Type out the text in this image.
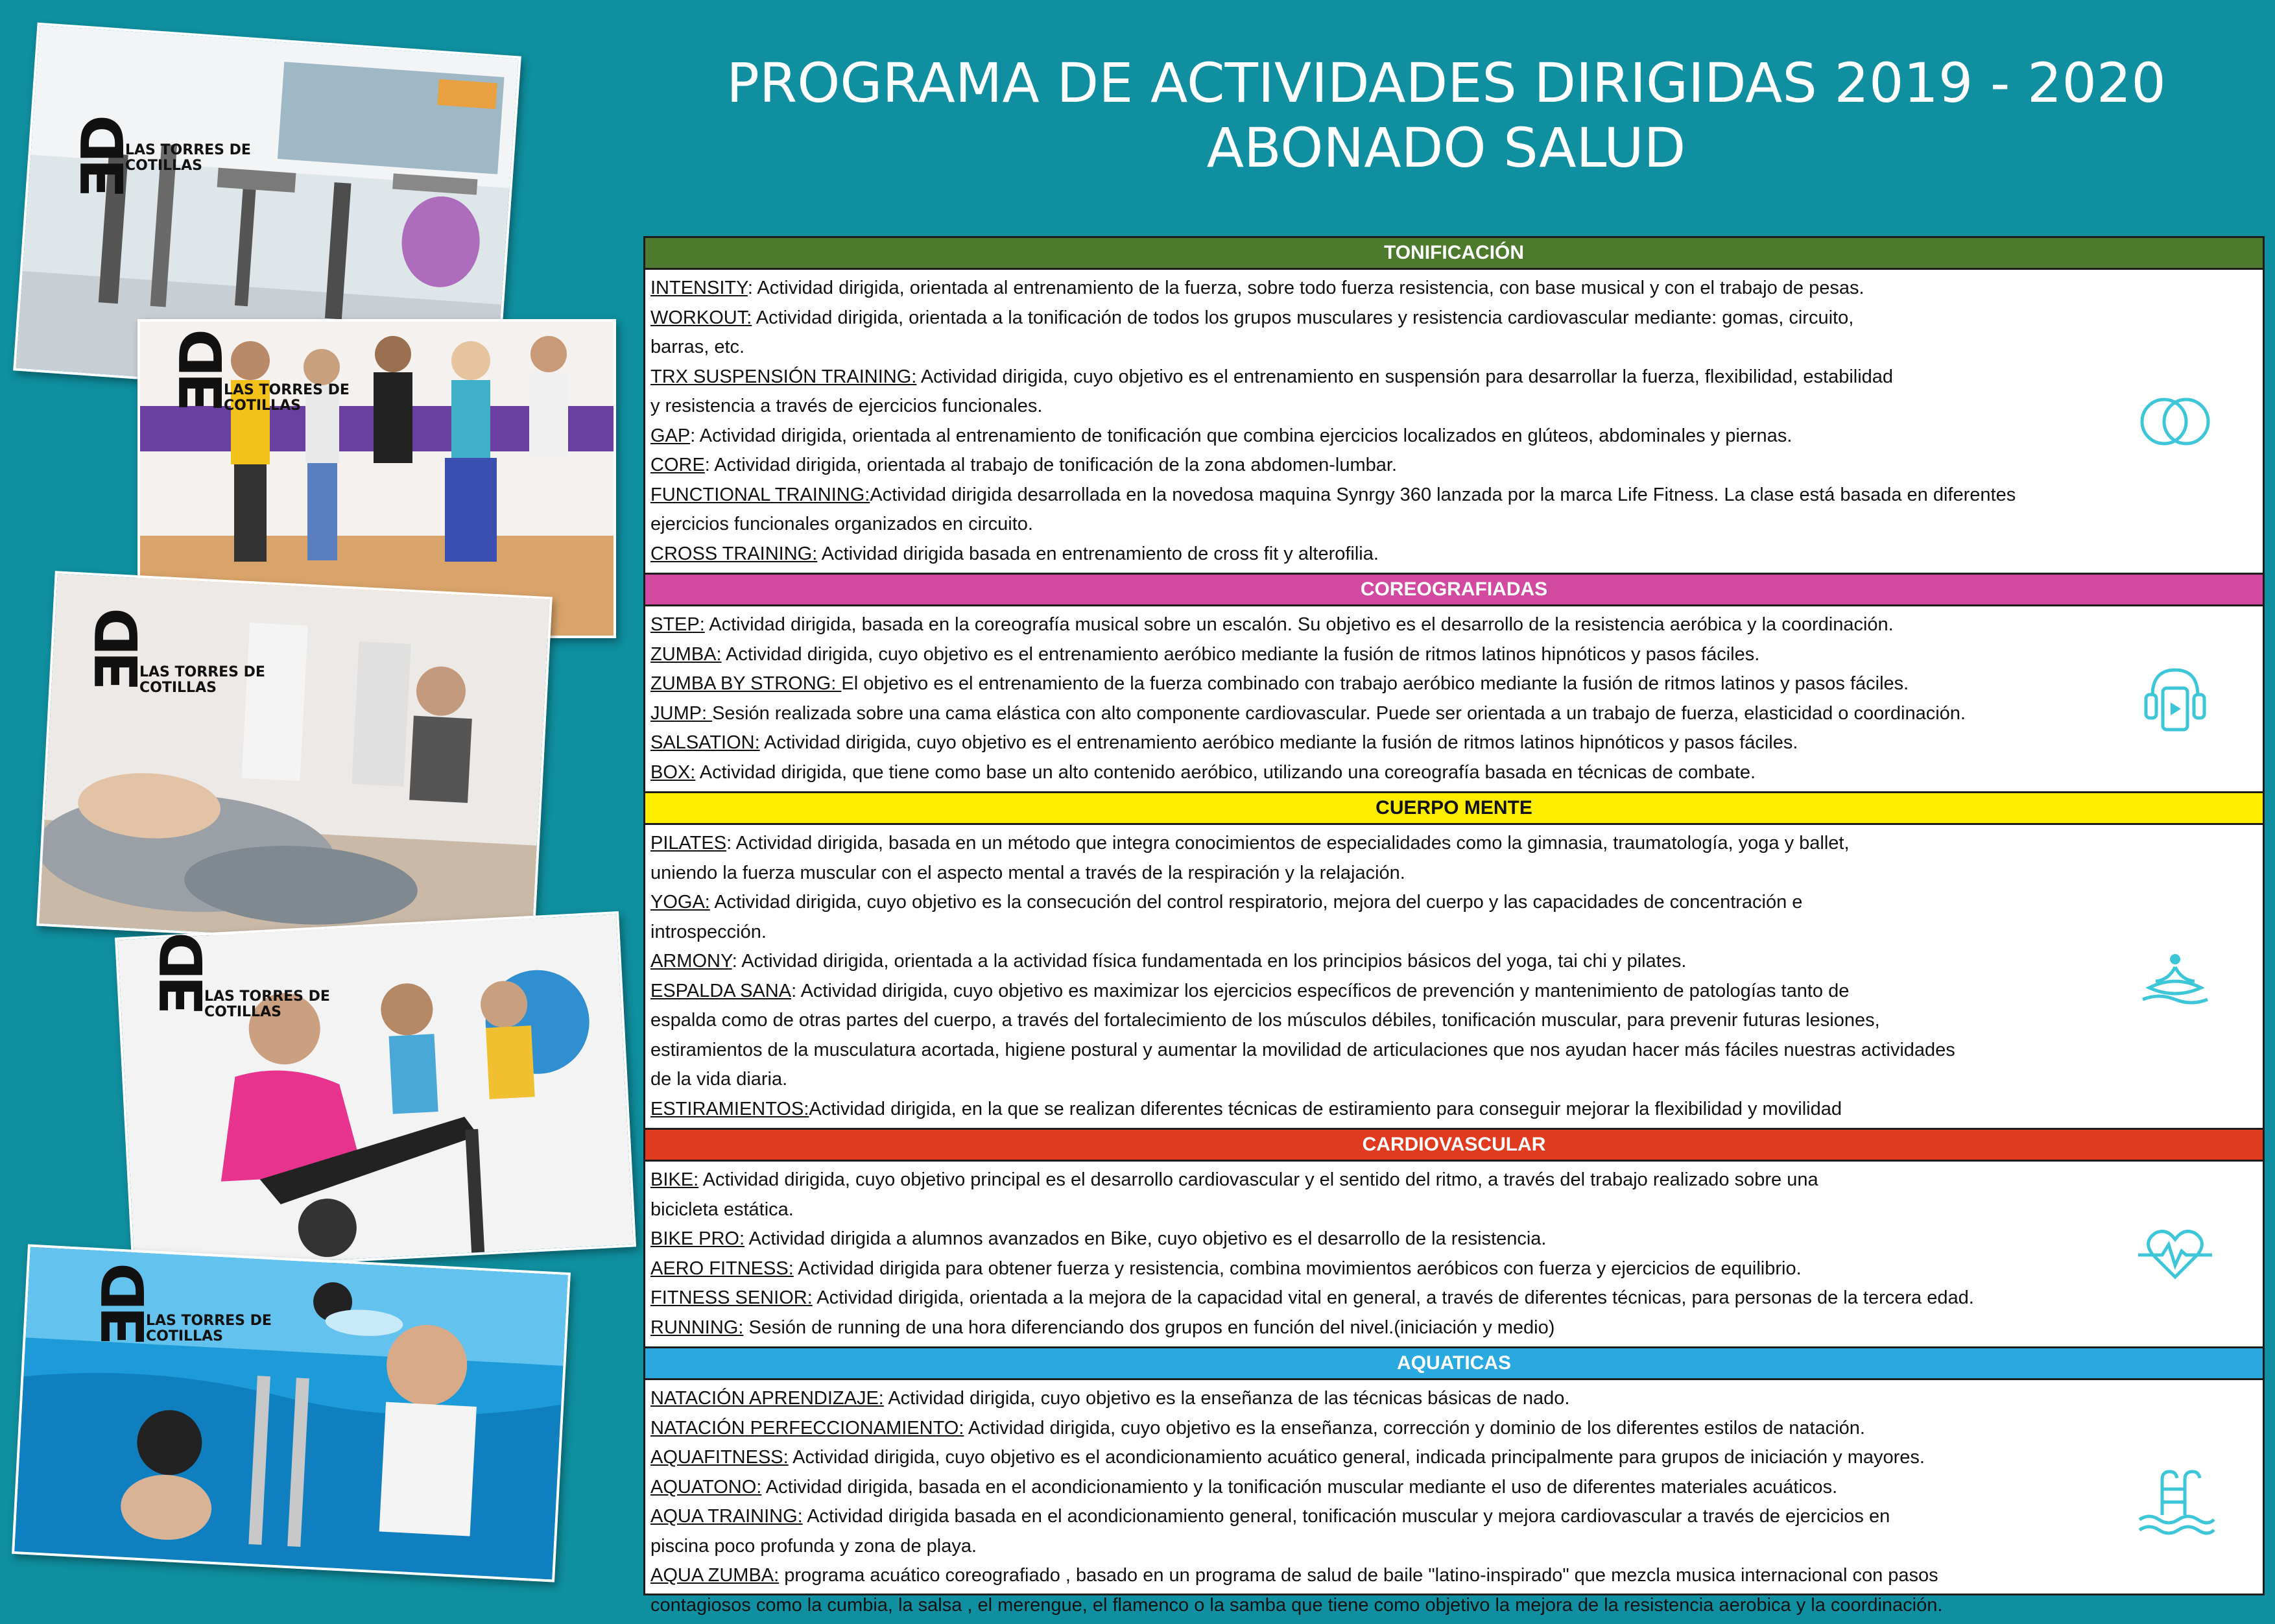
PROGRAMA DE ACTIVIDADES DIRIGIDAS 2019 - 2020
ABONADO SALUD
ƎD
LAS TORRES DE
COTILLAS
ƎD
LAS TORRES DE
COTILLAS
ƎD
LAS TORRES DE
COTILLAS
ƎD
LAS TORRES DE
COTILLAS
ƎD
LAS TORRES DE
COTILLAS
TONIFICACIÓN
INTENSITY: Actividad dirigida, orientada al entrenamiento de la fuerza, sobre todo fuerza resistencia, con base musical y con el trabajo de pesas.
WORKOUT: Actividad dirigida, orientada a la tonificación de todos los grupos musculares y resistencia cardiovascular mediante: gomas, circuito,
barras, etc.
TRX SUSPENSIÓN TRAINING: Actividad dirigida, cuyo objetivo es el entrenamiento en suspensión para desarrollar la fuerza, flexibilidad, estabilidad
y resistencia a través de ejercicios funcionales.
GAP: Actividad dirigida, orientada al entrenamiento de tonificación que combina ejercicios localizados en glúteos, abdominales y piernas.
CORE: Actividad dirigida, orientada al trabajo de tonificación de la zona abdomen-lumbar.
FUNCTIONAL TRAINING:Actividad dirigida desarrollada en la novedosa maquina Synrgy 360 lanzada por la marca Life Fitness. La clase está basada en diferentes
ejercicios funcionales organizados en circuito.
CROSS TRAINING: Actividad dirigida basada en entrenamiento de cross fit y alterofilia.
COREOGRAFIADAS
STEP: Actividad dirigida, basada en la coreografía musical sobre un escalón. Su objetivo es el desarrollo de la resistencia aeróbica y la coordinación.
ZUMBA: Actividad dirigida, cuyo objetivo es el entrenamiento aeróbico mediante la fusión de ritmos latinos hipnóticos y pasos fáciles.
ZUMBA BY STRONG: El objetivo es el entrenamiento de la fuerza combinado con trabajo aeróbico mediante la fusión de ritmos latinos y pasos fáciles.
JUMP: Sesión realizada sobre una cama elástica con alto componente cardiovascular. Puede ser orientada a un trabajo de fuerza, elasticidad o coordinación.
SALSATION: Actividad dirigida, cuyo objetivo es el entrenamiento aeróbico mediante la fusión de ritmos latinos hipnóticos y pasos fáciles.
BOX: Actividad dirigida, que tiene como base un alto contenido aeróbico, utilizando una coreografía basada en técnicas de combate.
CUERPO MENTE
PILATES: Actividad dirigida, basada en un método que integra conocimientos de especialidades como la gimnasia, traumatología, yoga y ballet,
uniendo la fuerza muscular con el aspecto mental a través de la respiración y la relajación.
YOGA: Actividad dirigida, cuyo objetivo es la consecución del control respiratorio, mejora del cuerpo y las capacidades de concentración e
introspección.
ARMONY: Actividad dirigida, orientada a la actividad física fundamentada en los principios básicos del yoga, tai chi y pilates.
ESPALDA SANA: Actividad dirigida, cuyo objetivo es maximizar los ejercicios específicos de prevención y mantenimiento de patologías tanto de
espalda como de otras partes del cuerpo, a través del fortalecimiento de los músculos débiles, tonificación muscular, para prevenir futuras lesiones,
estiramientos de la musculatura acortada, higiene postural y aumentar la movilidad de articulaciones que nos ayudan hacer más fáciles nuestras actividades
de la vida diaria.
ESTIRAMIENTOS:Actividad dirigida, en la que se realizan diferentes técnicas de estiramiento para conseguir mejorar la flexibilidad y movilidad
CARDIOVASCULAR
BIKE: Actividad dirigida, cuyo objetivo principal es el desarrollo cardiovascular y el sentido del ritmo, a través del trabajo realizado sobre una
bicicleta estática.
BIKE PRO: Actividad dirigida a alumnos avanzados en Bike, cuyo objetivo es el desarrollo de la resistencia.
AERO FITNESS: Actividad dirigida para obtener fuerza y resistencia, combina movimientos aeróbicos con fuerza y ejercicios de equilibrio.
FITNESS SENIOR: Actividad dirigida, orientada a la mejora de la capacidad vital en general, a través de diferentes técnicas, para personas de la tercera edad.
RUNNING: Sesión de running de una hora diferenciando dos grupos en función del nivel.(iniciación y medio)
AQUATICAS
NATACIÓN APRENDIZAJE: Actividad dirigida, cuyo objetivo es la enseñanza de las técnicas básicas de nado.
NATACIÓN PERFECCIONAMIENTO: Actividad dirigida, cuyo objetivo es la enseñanza, corrección y dominio de los diferentes estilos de natación.
AQUAFITNESS: Actividad dirigida, cuyo objetivo es el acondicionamiento acuático general, indicada principalmente para grupos de iniciación y mayores.
AQUATONO: Actividad dirigida, basada en el acondicionamiento y la tonificación muscular mediante el uso de diferentes materiales acuáticos.
AQUA TRAINING: Actividad dirigida basada en el acondicionamiento general, tonificación muscular y mejora cardiovascular a través de ejercicios en
piscina poco profunda y zona de playa.
AQUA ZUMBA: programa acuático coreografiado , basado en un programa de salud de baile "latino-inspirado" que mezcla musica internacional con pasos
contagiosos como la cumbia, la salsa , el merengue, el flamenco o la samba que tiene como objetivo la mejora de la resistencia aerobica y la coordinación.
